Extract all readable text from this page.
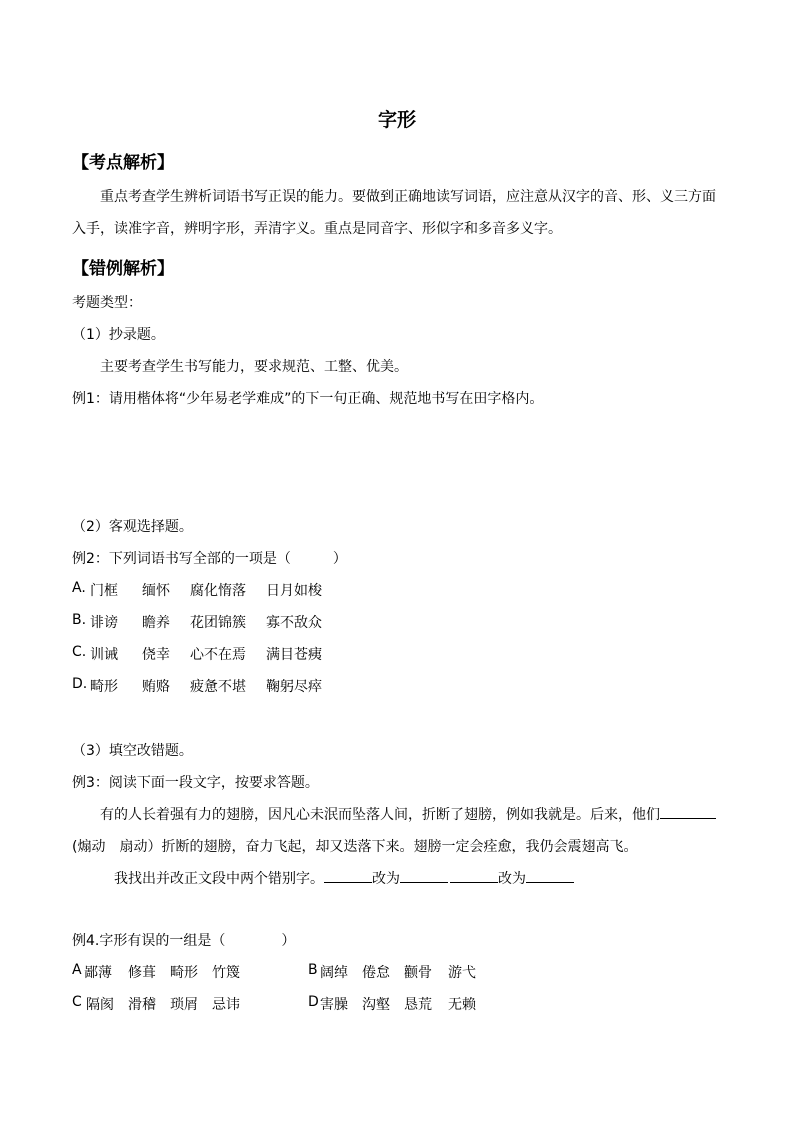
字形
【考点解析】
重点考查学生辨析词语书写正误的能力。要做到正确地读写词语，应注意从汉字的音、形、义三方面
入手，读准字音，辨明字形，弄清字义。重点是同音字、形似字和多音多义字。
【错例解析】
考题类型：
（1）抄录题。
主要考查学生书写能力，要求规范、工整、优美。
例1：请用楷体将“少年易老学难成”的下一句正确、规范地书写在田字格内。
（2）客观选择题。
例2：下列词语书写全部的一项是（　　　）
A. 门框 缅怀 腐化惰落 日月如梭
B. 诽谤 瞻养 花团锦簇 寡不敌众
C. 训诫 侥幸 心不在焉 满目苍痍
D. 畸形 贿赂 疲惫不堪 鞠躬尽瘁
（3）填空改错题。
例3：阅读下面一段文字，按要求答题。
有的人长着强有力的翅膀，因凡心未泯而坠落人间，折断了翅膀，例如我就是。后来，他们
(煽动　扇动）折断的翅膀，奋力飞起，却又迭落下来。翅膀一定会痊愈，我仍会震翅高飞。
我找出并改正文段中两个错别字。	改为	改为
例4.字形有误的一组是（　　　　）
A 鄙薄 修葺 畸形 竹篾	B 阔绰 倦怠 颧骨 游弋
C 隔阂 滑稽 琐屑 忌讳	D 害臊 沟壑 恳荒 无赖
